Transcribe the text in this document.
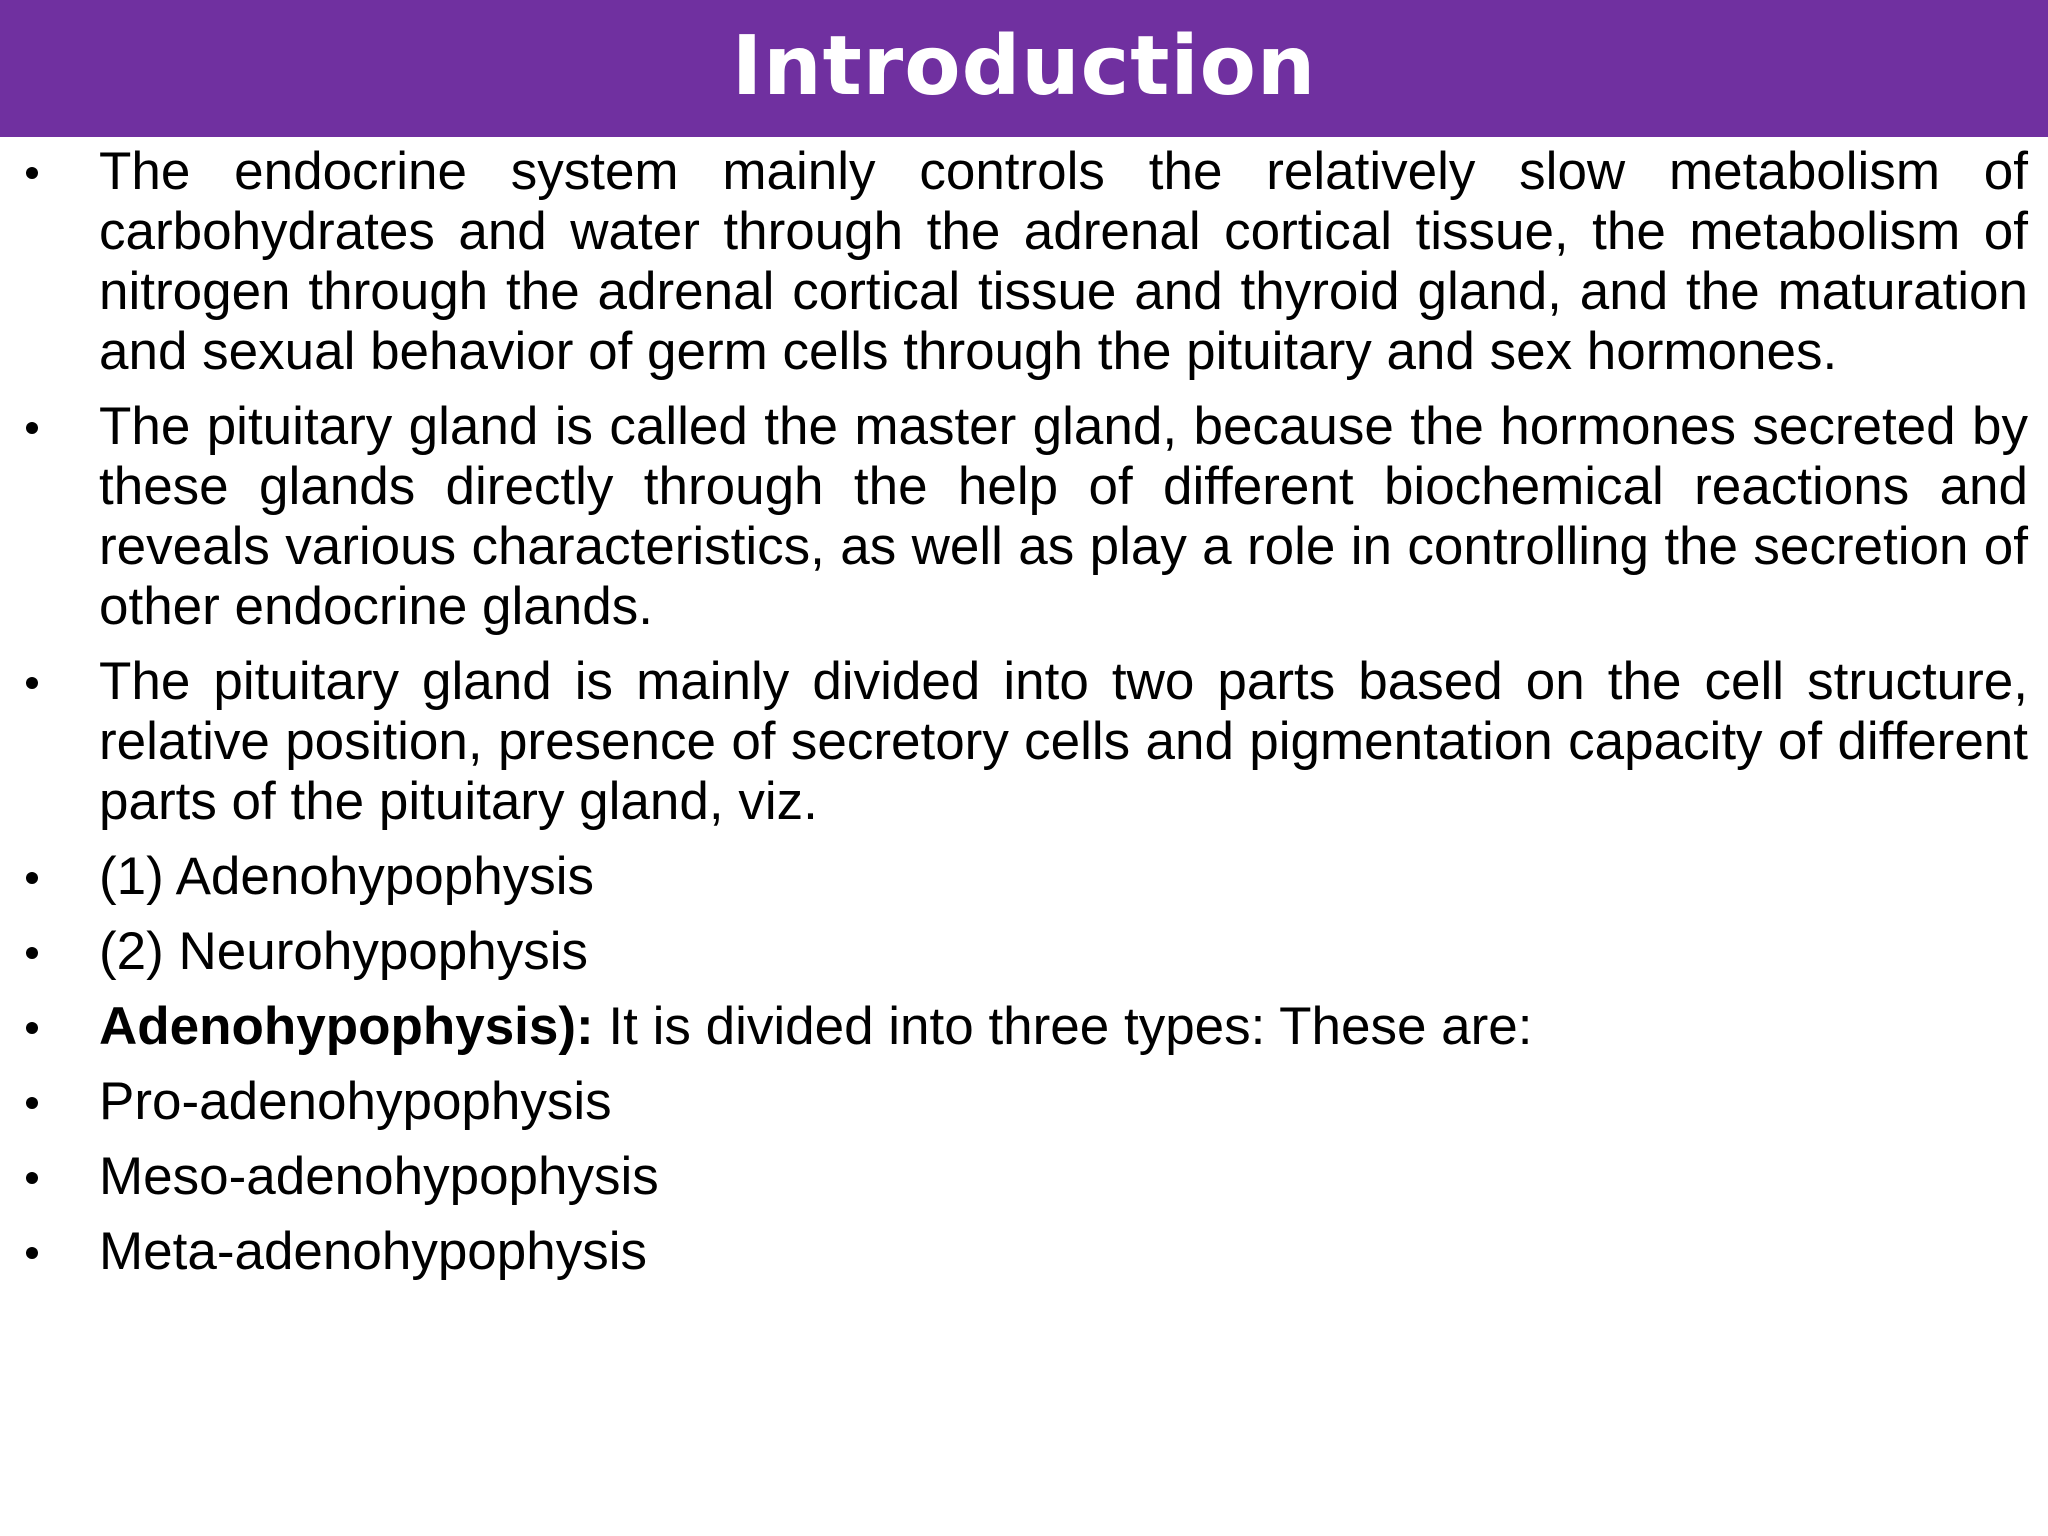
Introduction
The endocrine system mainly controls the relatively slow metabolism of carbohydrates and water through the adrenal cortical tissue, the metabolism of nitrogen through the adrenal cortical tissue and thyroid gland, and the maturation and sexual behavior of germ cells through the pituitary and sex hormones.
The pituitary gland is called the master gland, because the hormones secreted by these glands directly through the help of different biochemical reactions and reveals various characteristics, as well as play a role in controlling the secretion of other endocrine glands.
The pituitary gland is mainly divided into two parts based on the cell structure, relative position, presence of secretory cells and pigmentation capacity of different parts of the pituitary gland, viz.
(1) Adenohypophysis
(2) Neurohypophysis
Adenohypophysis): It is divided into three types: These are:
Pro-adenohypophysis
Meso-adenohypophysis
Meta-adenohypophysis
